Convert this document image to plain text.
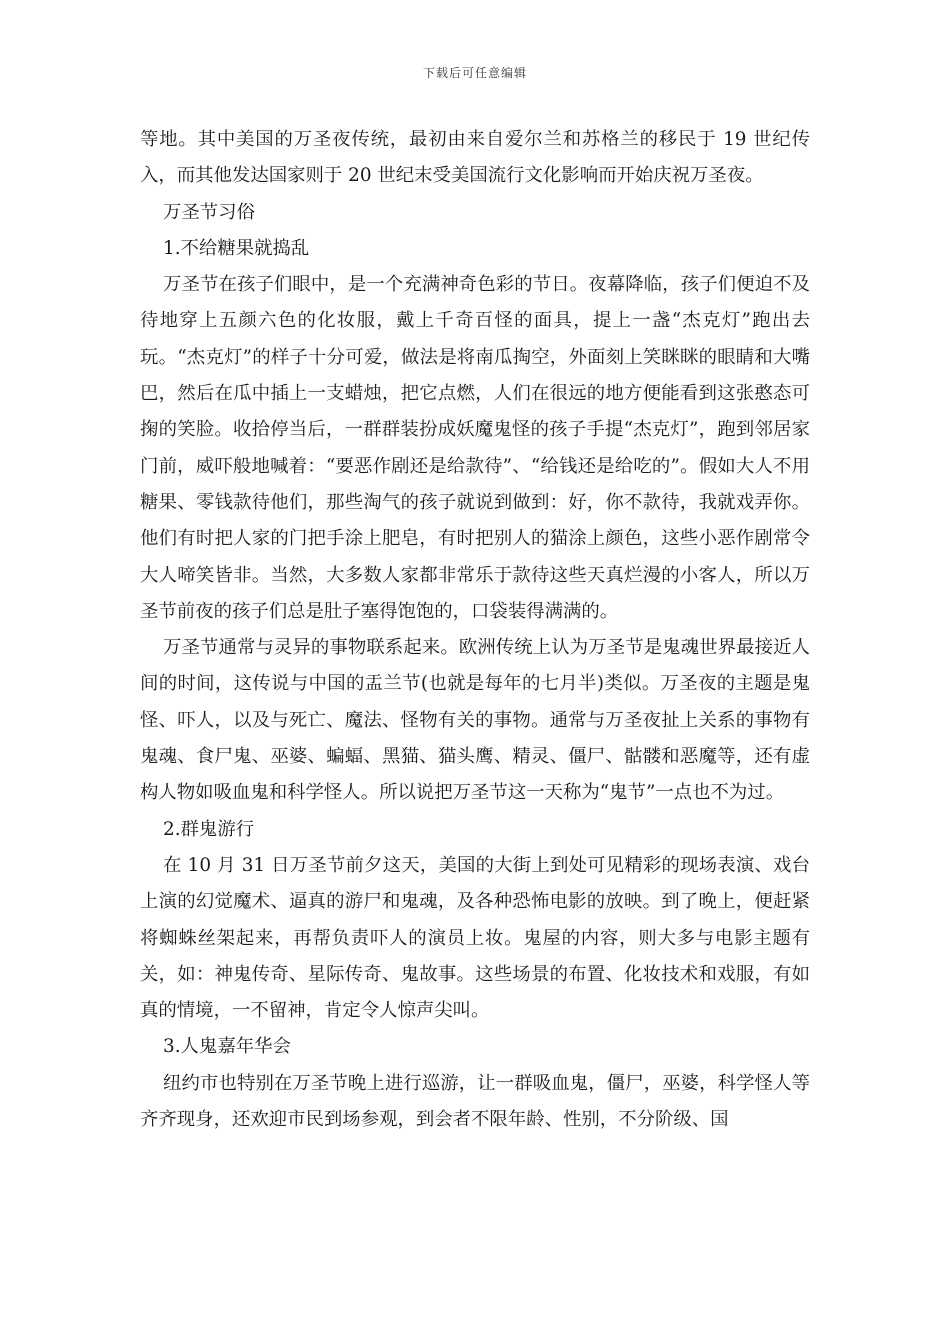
下载后可任意编辑

等地。其中美国的万圣夜传统，最初由来自爱尔兰和苏格兰的移民于 19 世纪传入，而其他发达国家则于 20 世纪末受美国流行文化影响而开始庆祝万圣夜。

万圣节习俗

1.不给糖果就捣乱

万圣节在孩子们眼中，是一个充满神奇色彩的节日。夜幕降临，孩子们便迫不及待地穿上五颜六色的化妆服，戴上千奇百怪的面具，提上一盏“杰克灯”跑出去玩。“杰克灯”的样子十分可爱，做法是将南瓜掏空，外面刻上笑眯眯的眼睛和大嘴巴，然后在瓜中插上一支蜡烛，把它点燃，人们在很远的地方便能看到这张憨态可掬的笑脸。收拾停当后，一群群装扮成妖魔鬼怪的孩子手提“杰克灯”，跑到邻居家门前，威吓般地喊着：“要恶作剧还是给款待”、“给钱还是给吃的”。假如大人不用糖果、零钱款待他们，那些淘气的孩子就说到做到：好，你不款待，我就戏弄你。他们有时把人家的门把手涂上肥皂，有时把别人的猫涂上颜色，这些小恶作剧常令大人啼笑皆非。当然，大多数人家都非常乐于款待这些天真烂漫的小客人，所以万圣节前夜的孩子们总是肚子塞得饱饱的，口袋装得满满的。

万圣节通常与灵异的事物联系起来。欧洲传统上认为万圣节是鬼魂世界最接近人间的时间，这传说与中国的盂兰节(也就是每年的七月半)类似。万圣夜的主题是鬼怪、吓人，以及与死亡、魔法、怪物有关的事物。通常与万圣夜扯上关系的事物有鬼魂、食尸鬼、巫婆、蝙蝠、黑猫、猫头鹰、精灵、僵尸、骷髅和恶魔等，还有虚构人物如吸血鬼和科学怪人。所以说把万圣节这一天称为“鬼节”一点也不为过。

2.群鬼游行

在 10 月 31 日万圣节前夕这天，美国的大街上到处可见精彩的现场表演、戏台上演的幻觉魔术、逼真的游尸和鬼魂，及各种恐怖电影的放映。到了晚上，便赶紧将蜘蛛丝架起来，再帮负责吓人的演员上妆。鬼屋的内容，则大多与电影主题有关，如：神鬼传奇、星际传奇、鬼故事。这些场景的布置、化妆技术和戏服，有如真的情境，一不留神，肯定令人惊声尖叫。

3.人鬼嘉年华会

纽约市也特别在万圣节晚上进行巡游，让一群吸血鬼，僵尸，巫婆，科学怪人等齐齐现身，还欢迎市民到场参观，到会者不限年龄、性别，不分阶级、国
